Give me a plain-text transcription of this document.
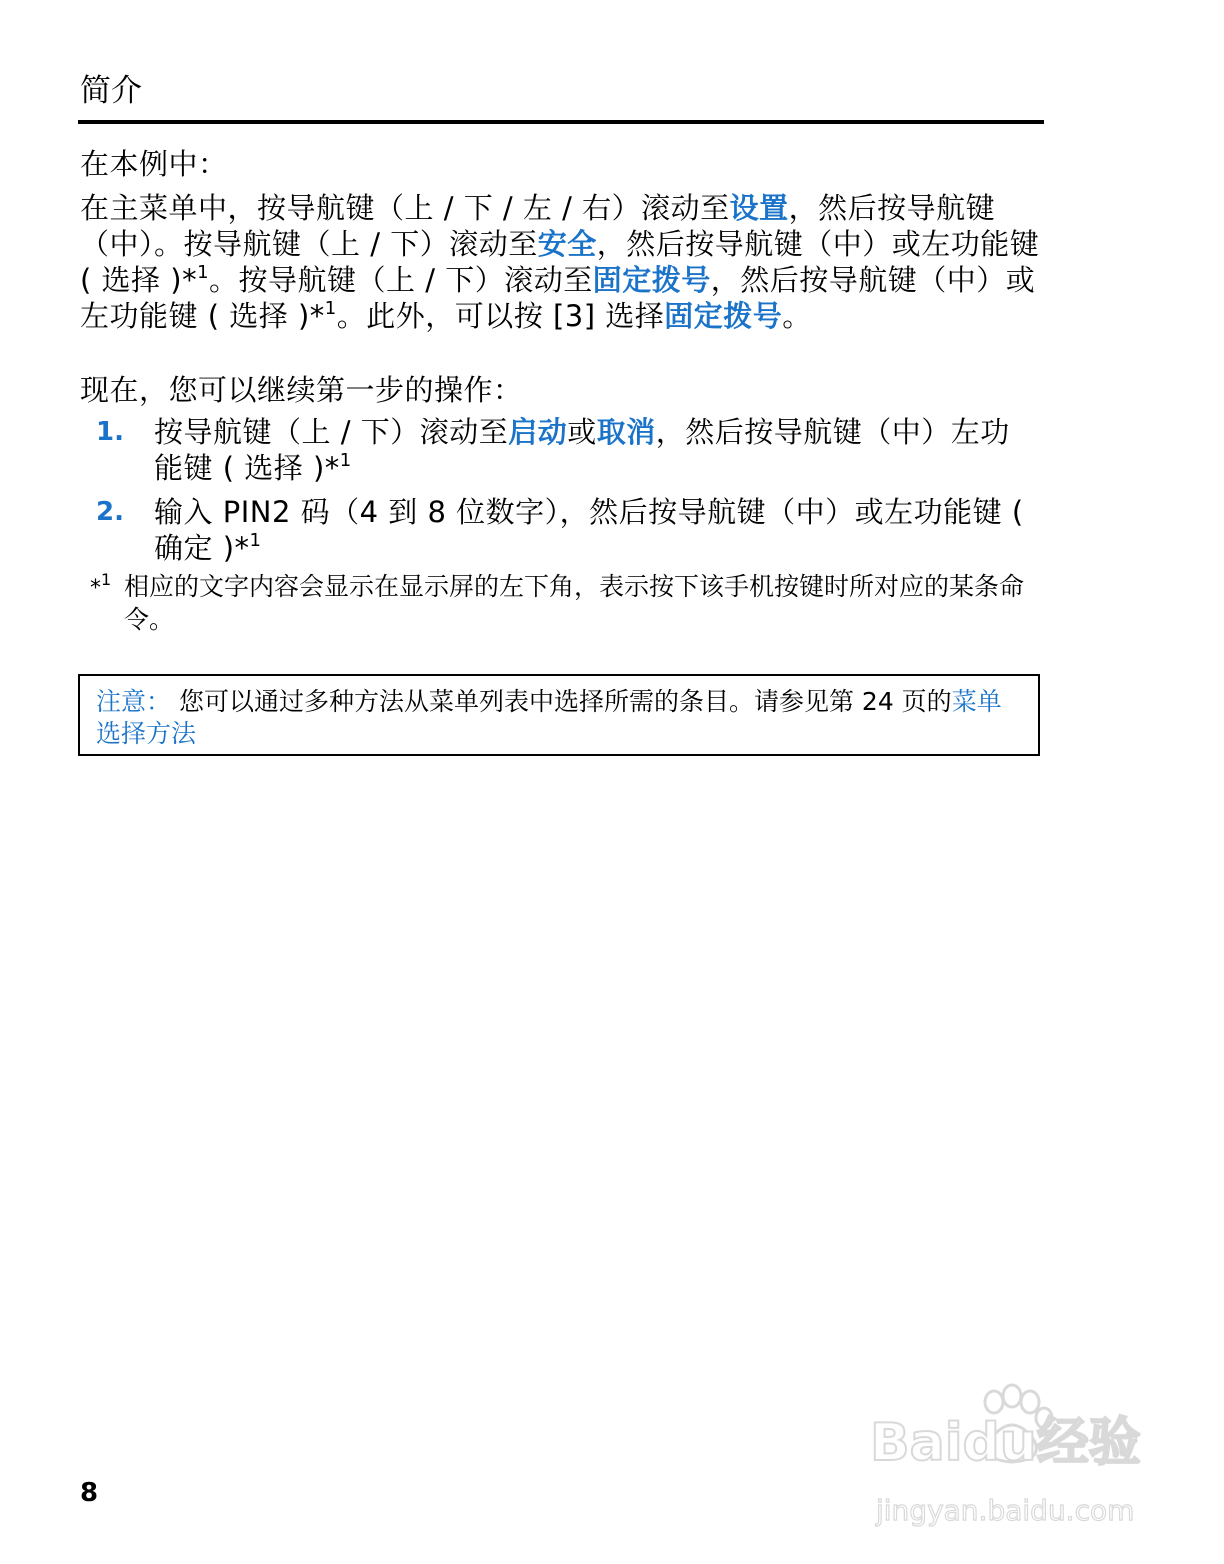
简介

在本例中：

在主菜单中，按导航键（上 / 下 / 左 / 右）滚动至设置，然后按导航键（中）。按导航键（上 / 下）滚动至安全，然后按导航键（中）或左功能键 ( 选择 )*$^1$。按导航键（上 / 下）滚动至固定拨号，然后按导航键（中）或左功能键 ( 选择 )*$^1$。此外，可以按 [3] 选择固定拨号。

现在，您可以继续第一步的操作：

1. 按导航键（上 / 下）滚动至启动或取消，然后按导航键（中）左功能键 ( 选择 )*$^1$
2. 输入 PIN2 码（4 到 8 位数字），然后按导航键（中）或左功能键 ( 确定 )*$^1$
*$^1$ 相应的文字内容会显示在显示屏的左下角，表示按下该手机按键时所对应的某条命令。
注意： 您可以通过多种方法从菜单列表中选择所需的条目。请参见第 24 页的菜单选择方法
8
Baidu经验
jingyan.baidu.com
